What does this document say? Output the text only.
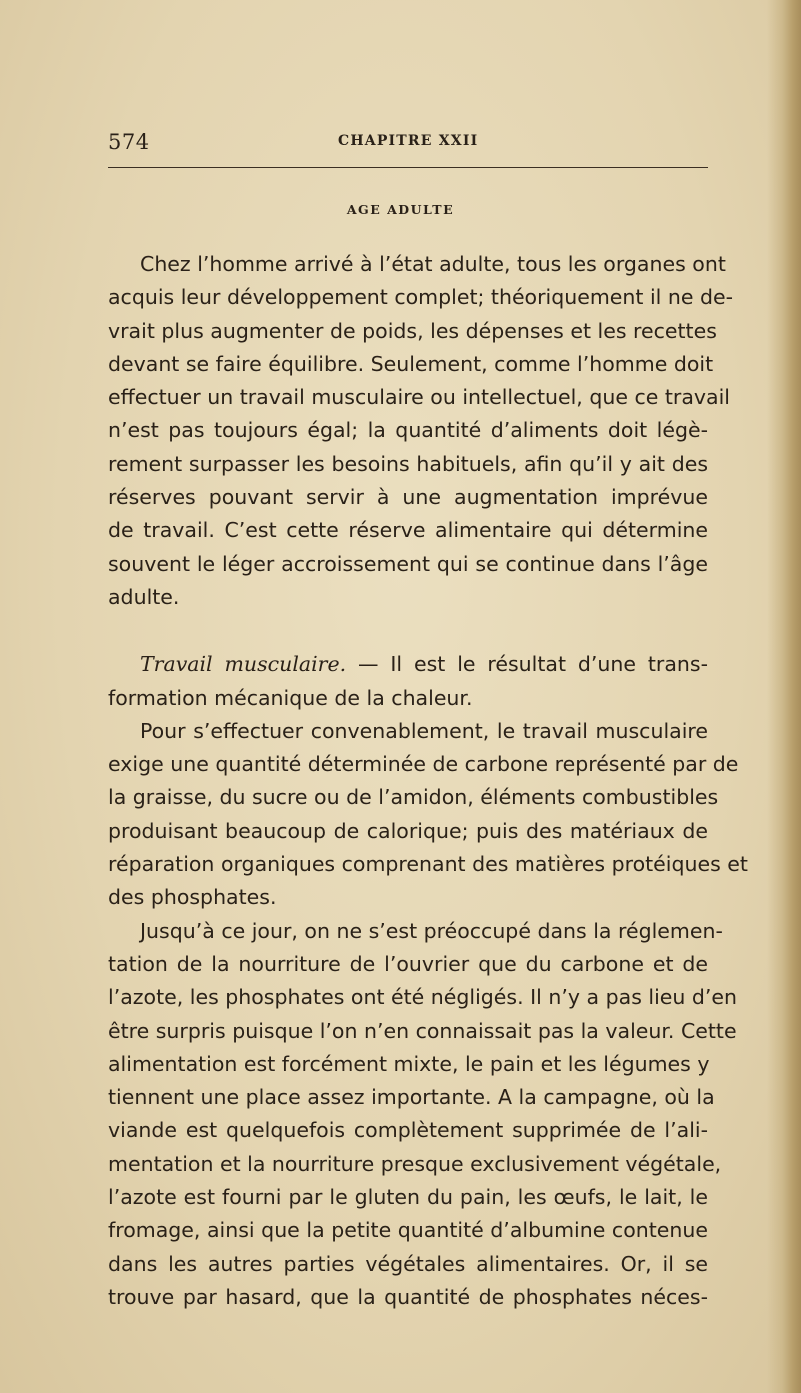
574	CHAPITRE XXII
AGE ADULTE
Chez l’homme arrivé à l’état adulte, tous les organes ont
acquis leur développement complet; théoriquement il ne de-
vrait plus augmenter de poids, les dépenses et les recettes
devant se faire équilibre. Seulement, comme l’homme doit
effectuer un travail musculaire ou intellectuel, que ce travail
n’est pas toujours égal; la quantité d’aliments doit légè-
rement surpasser les besoins habituels, afin qu’il y ait des
réserves pouvant servir à une augmentation imprévue
de travail. C’est cette réserve alimentaire qui détermine
souvent le léger accroissement qui se continue dans l’âge
adulte.
Travail musculaire. — Il est le résultat d’une trans-
formation mécanique de la chaleur.
Pour s’effectuer convenablement, le travail musculaire
exige une quantité déterminée de carbone représenté par de
la graisse, du sucre ou de l’amidon, éléments combustibles
produisant beaucoup de calorique; puis des matériaux de
réparation organiques comprenant des matières protéiques et
des phosphates.
Jusqu’à ce jour, on ne s’est préoccupé dans la réglemen-
tation de la nourriture de l’ouvrier que du carbone et de
l’azote, les phosphates ont été négligés. Il n’y a pas lieu d’en
être surpris puisque l’on n’en connaissait pas la valeur. Cette
alimentation est forcément mixte, le pain et les légumes y
tiennent une place assez importante. A la campagne, où la
viande est quelquefois complètement supprimée de l’ali-
mentation et la nourriture presque exclusivement végétale,
l’azote est fourni par le gluten du pain, les œufs, le lait, le
fromage, ainsi que la petite quantité d’albumine contenue
dans les autres parties végétales alimentaires. Or, il se
trouve par hasard, que la quantité de phosphates néces-
